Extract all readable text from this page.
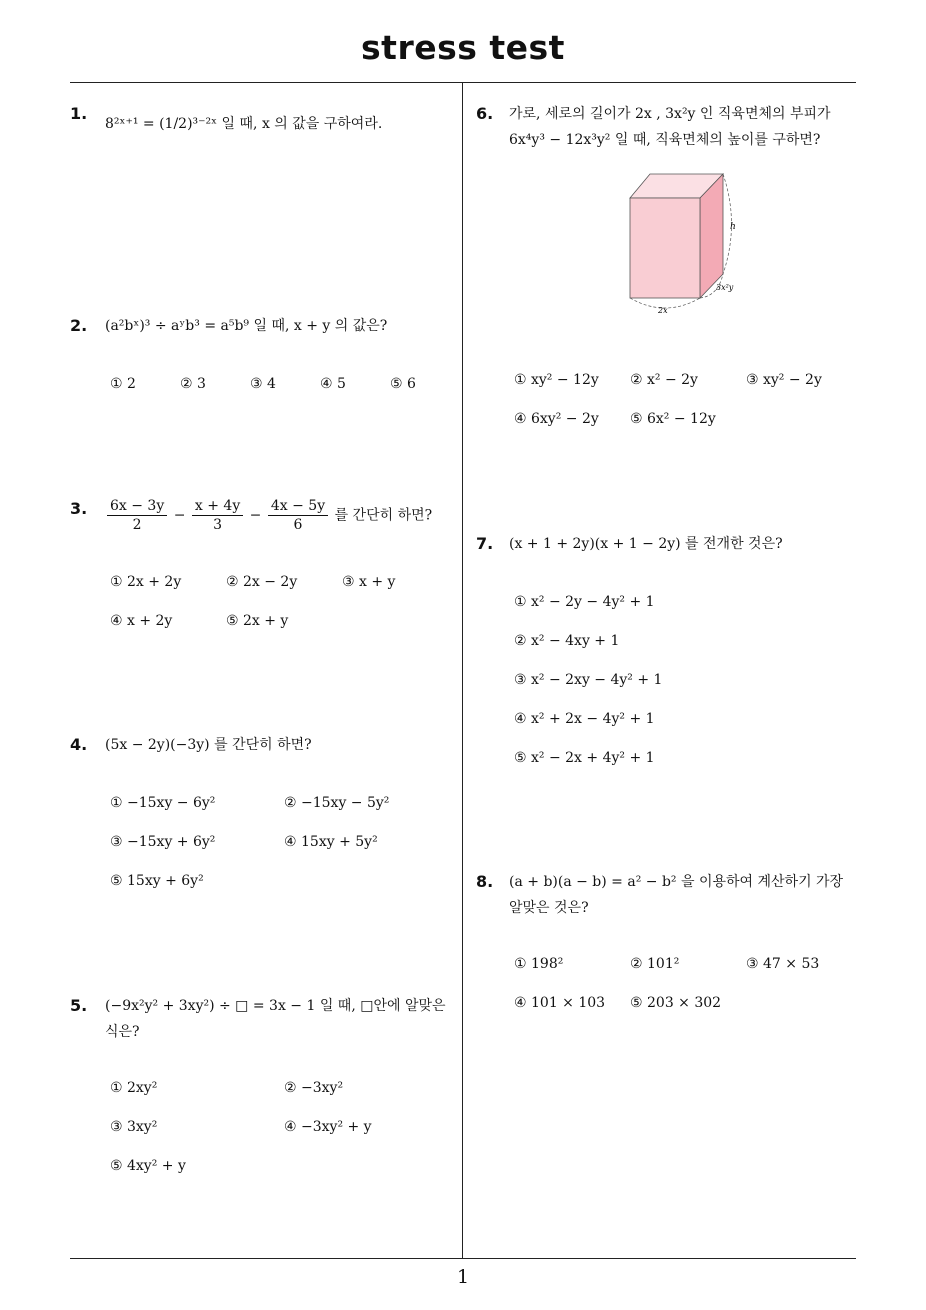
stress test
1
1.
8²ˣ⁺¹ = (1/2)³⁻²ˣ 일 때, x 의 값을 구하여라.
2. (a²bˣ)³ ÷ aʸb³ = a⁵b⁹ 일 때, x + y 의 값은?
① 2	② 3	③ 4	④ 5	⑤ 6
3. $\frac{6x - 3y}{2} - \frac{x + 4y}{3} - \frac{4x - 5y}{6}$ 를 간단히 하면?
① 2x + 2y	② 2x − 2y	③ x + y
④ x + 2y	⑤ 2x + y
4. (5x − 2y)(−3y) 를 간단히 하면?
① −15xy − 6y²	② −15xy − 5y²
③ −15xy + 6y²	④ 15xy + 5y²
⑤ 15xy + 6y²
5. (−9x²y² + 3xy²) ÷ □ = 3x − 1 일 때, □안에 알맞은
식은?
① 2xy²	② −3xy²
③ 3xy²	④ −3xy² + y
⑤ 4xy² + y
6. 가로, 세로의 길이가 2x , 3x²y 인 직육면체의 부피가
6x⁴y³ − 12x³y² 일 때, 직육면체의 높이를 구하면?
h
3x²y
2x
① xy² − 12y ② x² − 2y	③ xy² − 2y
④ 6xy² − 2y ⑤ 6x² − 12y
7. (x + 1 + 2y)(x + 1 − 2y) 를 전개한 것은?
① x² − 2y − 4y² + 1
② x² − 4xy + 1
③ x² − 2xy − 4y² + 1
④ x² + 2x − 4y² + 1
⑤ x² − 2x + 4y² + 1
8. (a + b)(a − b) = a² − b² 을 이용하여 계산하기 가장
알맞은 것은?
① 198²	② 101²	③ 47 × 53
④ 101 × 103 ⑤ 203 × 302
